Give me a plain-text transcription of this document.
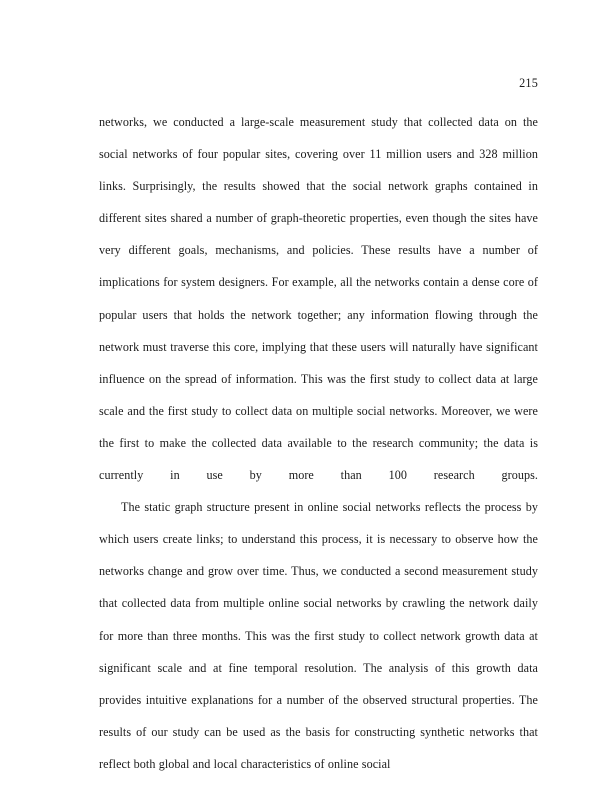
215

networks, we conducted a large-scale measurement study that collected data on the social networks of four popular sites, covering over 11 million users and 328 million links. Surprisingly, the results showed that the social network graphs contained in different sites shared a number of graph-theoretic properties, even though the sites have very different goals, mechanisms, and policies. These results have a number of implications for system designers. For example, all the networks contain a dense core of popular users that holds the network together; any information flowing through the network must traverse this core, implying that these users will naturally have significant influence on the spread of information. This was the first study to collect data at large scale and the first study to collect data on multiple social networks. Moreover, we were the first to make the collected data available to the research community; the data is currently in use by more than 100 research groups.

The static graph structure present in online social networks reflects the process by which users create links; to understand this process, it is necessary to observe how the networks change and grow over time. Thus, we conducted a second measurement study that collected data from multiple online social networks by crawling the network daily for more than three months. This was the first study to collect network growth data at significant scale and at fine temporal resolution. The analysis of this growth data provides intuitive explanations for a number of the observed structural properties. The results of our study can be used as the basis for constructing synthetic networks that reflect both global and local characteristics of online social
